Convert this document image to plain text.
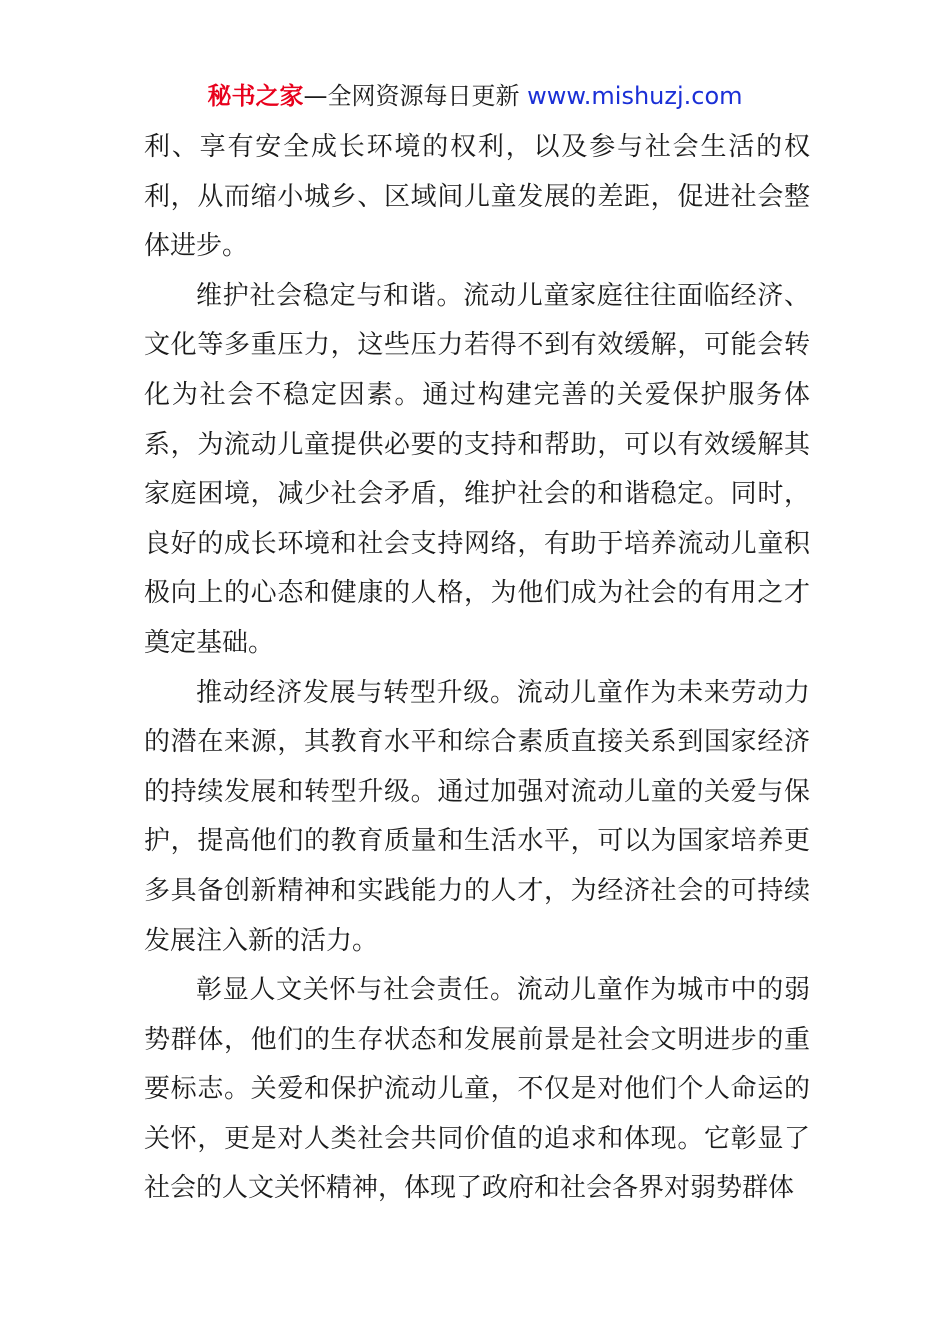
秘书之家—全网资源每日更新 www.mishuzj.com

利、享有安全成长环境的权利，以及参与社会生活的权利，从而缩小城乡、区域间儿童发展的差距，促进社会整体进步。

维护社会稳定与和谐。流动儿童家庭往往面临经济、文化等多重压力，这些压力若得不到有效缓解，可能会转化为社会不稳定因素。通过构建完善的关爱保护服务体系，为流动儿童提供必要的支持和帮助，可以有效缓解其家庭困境，减少社会矛盾，维护社会的和谐稳定。同时，良好的成长环境和社会支持网络，有助于培养流动儿童积极向上的心态和健康的人格，为他们成为社会的有用之才奠定基础。

推动经济发展与转型升级。流动儿童作为未来劳动力的潜在来源，其教育水平和综合素质直接关系到国家经济的持续发展和转型升级。通过加强对流动儿童的关爱与保护，提高他们的教育质量和生活水平，可以为国家培养更多具备创新精神和实践能力的人才，为经济社会的可持续发展注入新的活力。

彰显人文关怀与社会责任。流动儿童作为城市中的弱势群体，他们的生存状态和发展前景是社会文明进步的重要标志。关爱和保护流动儿童，不仅是对他们个人命运的关怀，更是对人类社会共同价值的追求和体现。它彰显了社会的人文关怀精神，体现了政府和社会各界对弱势群体
